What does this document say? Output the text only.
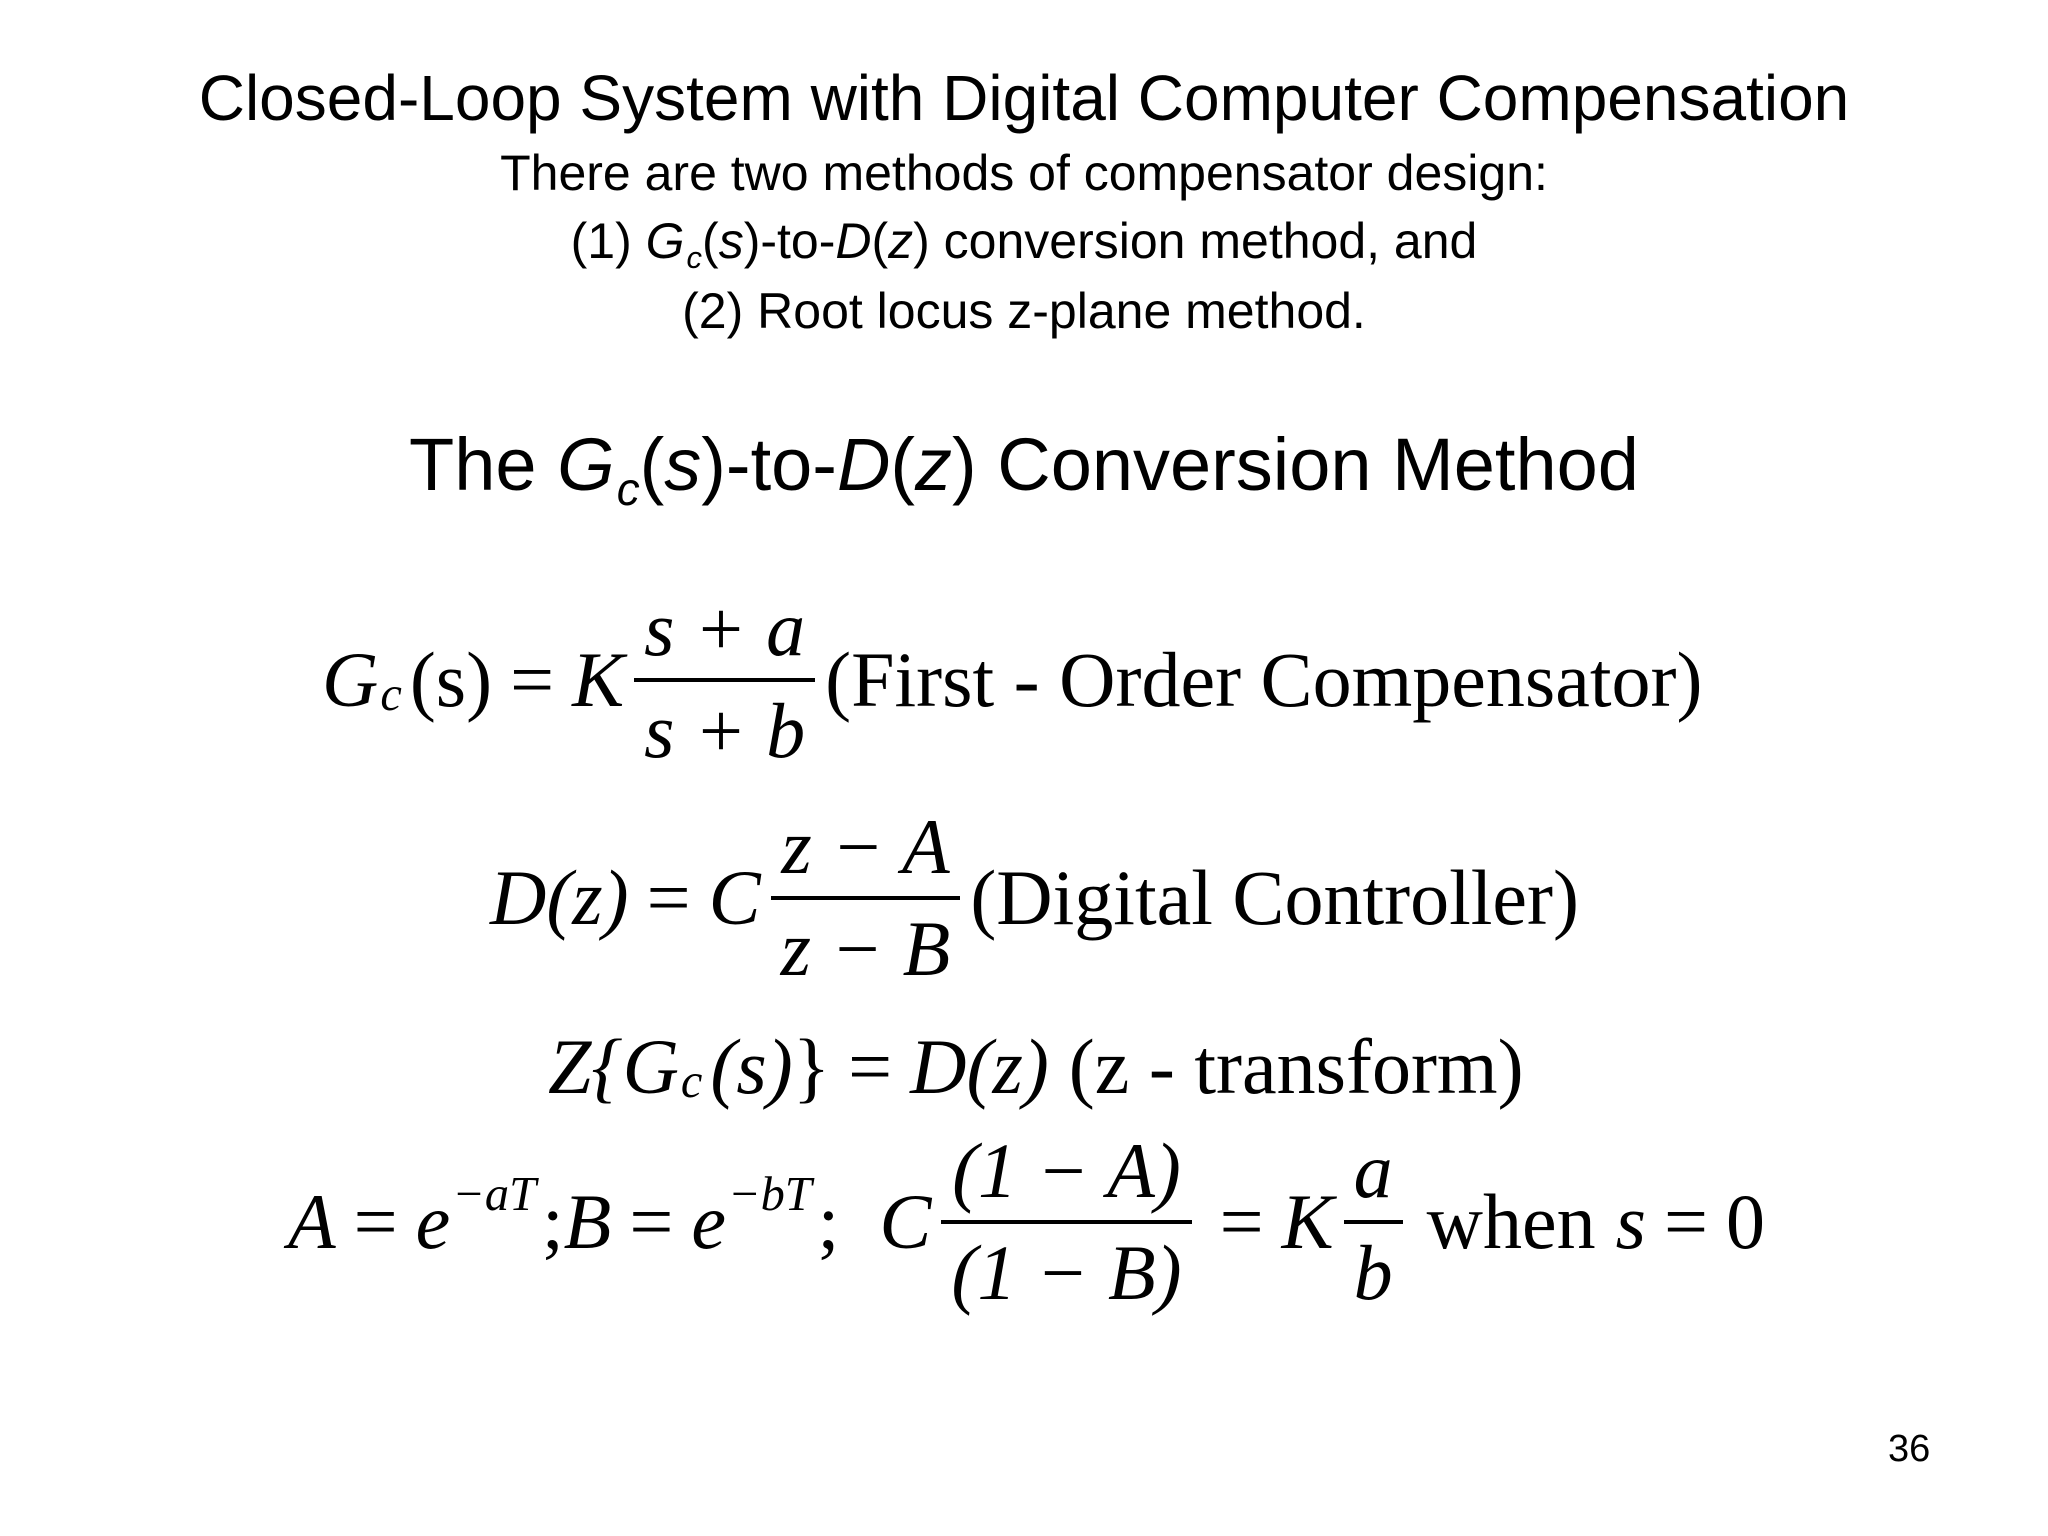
Closed-Loop System with Digital Computer Compensation
There are two methods of compensator design:
(1) Gc(s)-to-D(z) conversion method, and
(2) Root locus z-plane method.
The Gc(s)-to-D(z) Conversion Method
G c (s) = K $\frac{s + a}{s + b}$ (First - Order Compensator)
D(z) = C $\frac{z - A}{z - B}$ (Digital Controller)
Z{ G c (s) } = D(z) (z - transform)
A = e −aT ; B = e −bT ; C $\frac{(1 - A)}{(1 - B)} = K \frac{a}{b}$ when s = 0
36
